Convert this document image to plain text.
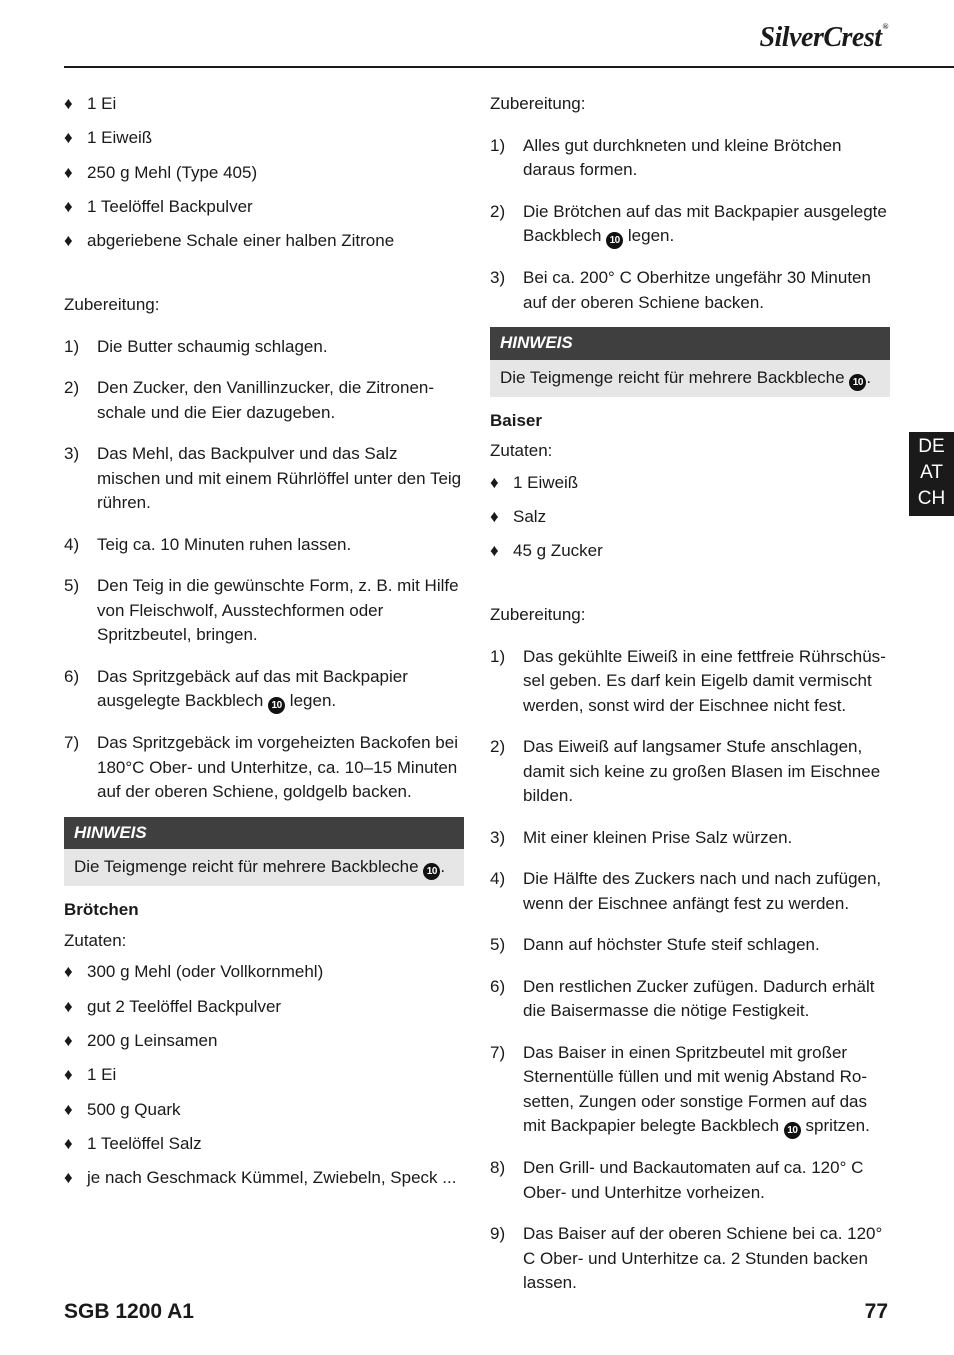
SilverCrest®
DE
AT
CH

♦ 1 Ei

♦ 1 Eiweiß

♦ 250 g Mehl (Type 405)

♦ 1 Teelöffel Backpulver

♦ abgeriebene Schale einer halben Zitrone

Zubereitung:

1) Die Butter schaumig schlagen.

2) Den Zucker, den Vanillinzucker, die Zitronenschale und die Eier dazugeben.

3) Das Mehl, das Backpulver und das Salz mischen und mit einem Rührlöffel unter den Teig rühren.

4) Teig ca. 10 Minuten ruhen lassen.

5) Den Teig in die gewünschte Form, z. B. mit Hilfe von Fleischwolf, Ausstechformen oder Spritzbeutel, bringen.

6) Das Spritzgebäck auf das mit Backpapier ausgelegte Backblech 10 legen.

7) Das Spritzgebäck im vorgeheizten Backofen bei 180°C Ober- und Unterhitze, ca. 10–15 Minuten auf der oberen Schiene, goldgelb backen.

HINWEIS
Die Teigmenge reicht für mehrere Backbleche 10 .

Brötchen

Zutaten:

♦ 300 g Mehl (oder Vollkornmehl)

♦ gut 2 Teelöffel Backpulver

♦ 200 g Leinsamen

♦ 1 Ei

♦ 500 g Quark

♦ 1 Teelöffel Salz

♦ je nach Geschmack Kümmel, Zwiebeln, Speck ...

Zubereitung:

1) Alles gut durchkneten und kleine Brötchen daraus formen.

2) Die Brötchen auf das mit Backpapier ausgelegte Backblech 10 legen.

3) Bei ca. 200° C Oberhitze ungefähr 30 Minuten auf der oberen Schiene backen.

HINWEIS
Die Teigmenge reicht für mehrere Backbleche 10 .

Baiser

Zutaten:

♦ 1 Eiweiß

♦ Salz

♦ 45 g Zucker

Zubereitung:

1) Das gekühlte Eiweiß in eine fettfreie Rührschüssel geben. Es darf kein Eigelb damit vermischt werden, sonst wird der Eischnee nicht fest.

2) Das Eiweiß auf langsamer Stufe anschlagen, damit sich keine zu großen Blasen im Eischnee bilden.

3) Mit einer kleinen Prise Salz würzen.

4) Die Hälfte des Zuckers nach und nach zufügen, wenn der Eischnee anfängt fest zu werden.

5) Dann auf höchster Stufe steif schlagen.

6) Den restlichen Zucker zufügen. Dadurch erhält die Baisermasse die nötige Festigkeit.

7) Das Baiser in einen Spritzbeutel mit großer Sternentülle füllen und mit wenig Abstand Rosetten, Zungen oder sonstige Formen auf das mit Backpapier belegte Backblech 10 spritzen.

8) Den Grill- und Backautomaten auf ca. 120° C Ober- und Unterhitze vorheizen.

9) Das Baiser auf der oberen Schiene bei ca. 120° C Ober- und Unterhitze ca. 2 Stunden backen lassen.

SGB 1200 A1	77
